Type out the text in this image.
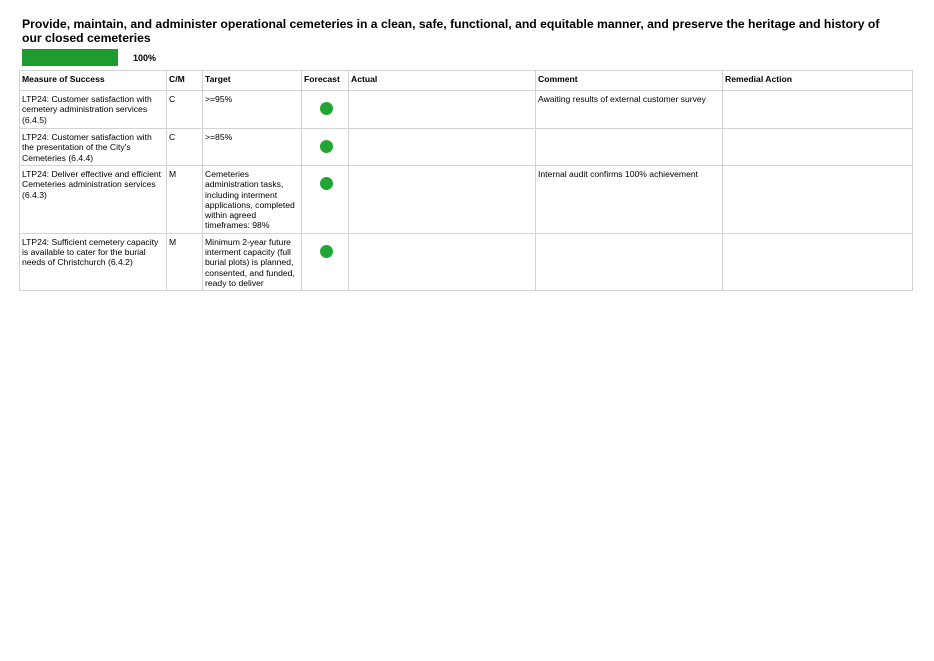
Provide, maintain, and administer operational cemeteries in a clean, safe, functional, and equitable manner, and preserve the heritage and history of our closed cemeteries
100%
Measure of Success	C/M	Target	Forecast	Actual	Comment	Remedial Action
LTP24: Customer satisfaction with cemetery administration services (6.4.5)	C	>=95%			Awaiting results of external customer survey	
LTP24: Customer satisfaction with the presentation of the City's Cemeteries (6.4.4)	C	>=85%	

LTP24: Deliver effective and efficient Cemeteries administration services (6.4.3)	M	Cemeteries administration tasks, including interment applications, completed within agreed timeframes: 98%			Internal audit confirms 100% achievement	
LTP24: Sufficient cemetery capacity is available to cater for the burial needs of Christchurch (6.4.2)	M	Minimum 2-year future interment capacity (full burial plots) is planned, consented, and funded, ready to deliver	
